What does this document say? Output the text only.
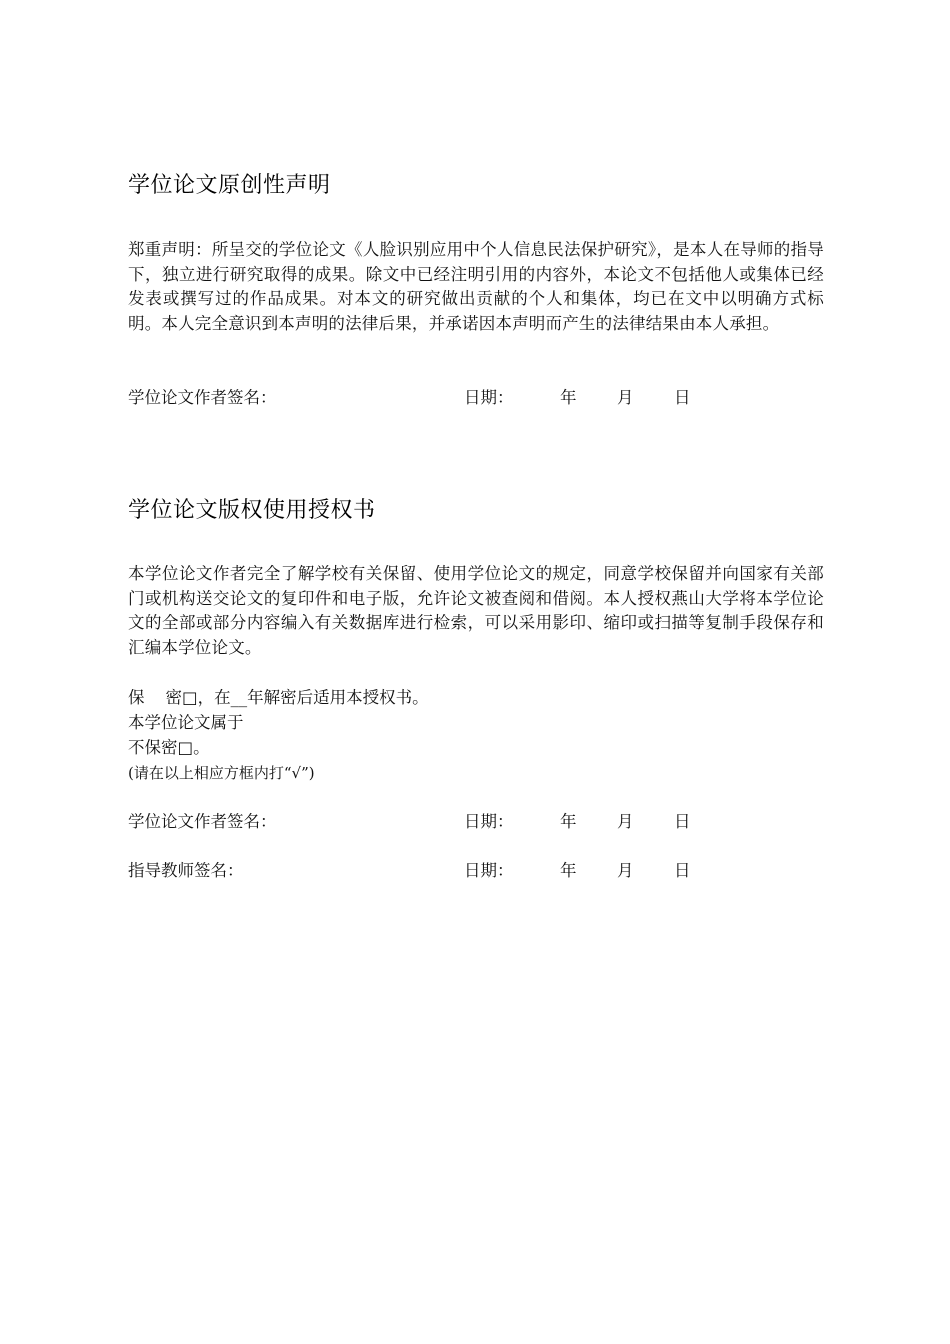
学位论文原创性声明
郑重声明：所呈交的学位论文《人脸识别应用中个人信息民法保护研究》，是本人在导师的指导下，独立进行研究取得的成果。除文中已经注明引用的内容外，本论文不包括他人或集体已经发表或撰写过的作品成果。对本文的研究做出贡献的个人和集体，均已在文中以明确方式标明。本人完全意识到本声明的法律后果，并承诺因本声明而产生的法律结果由本人承担。
学位论文作者签名：	日期：	年 月 日
学位论文版权使用授权书
本学位论文作者完全了解学校有关保留、使用学位论文的规定，同意学校保留并向国家有关部门或机构送交论文的复印件和电子版，允许论文被查阅和借阅。本人授权燕山大学将本学位论文的全部或部分内容编入有关数据库进行检索，可以采用影印、缩印或扫描等复制手段保存和汇编本学位论文。
保    密□，在__年解密后适用本授权书。
本学位论文属于
不保密□。
(请在以上相应方框内打“√”)
学位论文作者签名：	日期：	年 月 日
指导教师签名：	日期：	年 月 日
